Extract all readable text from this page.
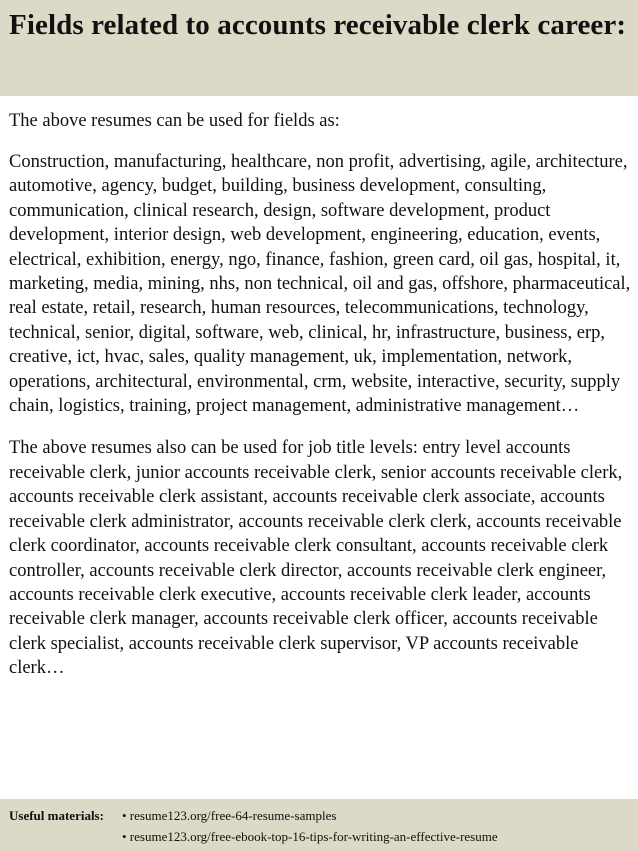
Fields related to accounts receivable clerk career:

The above resumes can be used for fields as:

Construction, manufacturing, healthcare, non profit, advertising, agile, architecture, automotive, agency, budget, building, business development, consulting, communication, clinical research, design, software development, product development, interior design, web development, engineering, education, events, electrical, exhibition, energy, ngo, finance, fashion, green card, oil gas, hospital, it, marketing, media, mining, nhs, non technical, oil and gas, offshore, pharmaceutical, real estate, retail, research, human resources, telecommunications, technology, technical, senior, digital, software, web, clinical, hr, infrastructure, business, erp, creative, ict, hvac, sales, quality management, uk, implementation, network, operations, architectural, environmental, crm, website, interactive, security, supply chain, logistics, training, project management, administrative management…

The above resumes also can be used for job title levels: entry level accounts receivable clerk, junior accounts receivable clerk, senior accounts receivable clerk, accounts receivable clerk assistant, accounts receivable clerk associate, accounts receivable clerk administrator, accounts receivable clerk clerk, accounts receivable clerk coordinator, accounts receivable clerk consultant, accounts receivable clerk controller, accounts receivable clerk director, accounts receivable clerk engineer, accounts receivable clerk executive, accounts receivable clerk leader, accounts receivable clerk manager, accounts receivable clerk officer, accounts receivable clerk specialist, accounts receivable clerk supervisor, VP accounts receivable clerk…

Useful materials:	• resume123.org/free-64-resume-samples
• resume123.org/free-ebook-top-16-tips-for-writing-an-effective-resume
